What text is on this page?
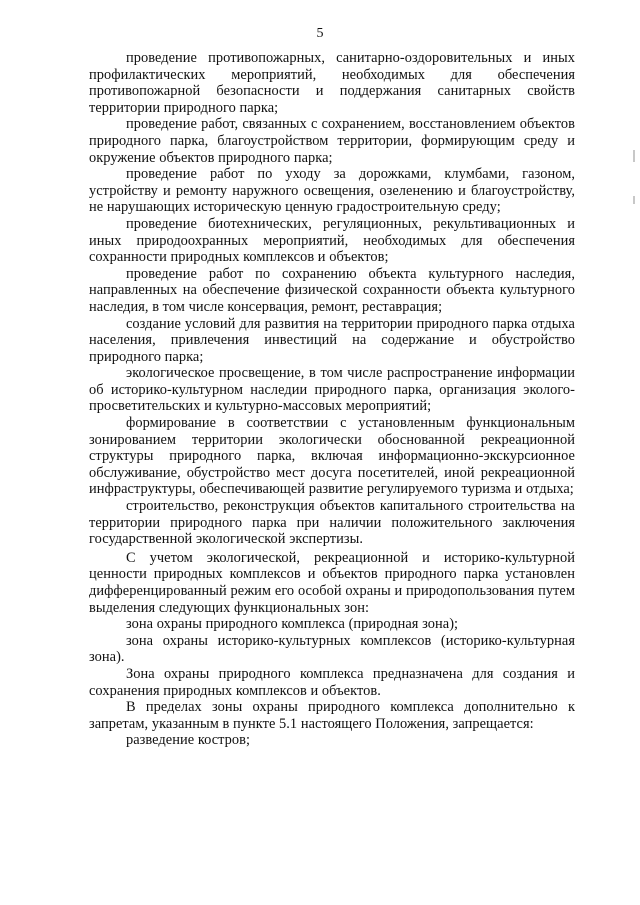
5

проведение противопожарных, санитарно-оздоровительных и иных профилактических мероприятий, необходимых для обеспечения противопожарной безопасности и поддержания санитарных свойств территории природного парка;

проведение работ, связанных с сохранением, восстановлением объектов природного парка, благоустройством территории, формирующим среду и окружение объектов природного парка;

проведение работ по уходу за дорожками, клумбами, газоном, устройству и ремонту наружного освещения, озеленению и благоустройству, не нарушающих историческую ценную градостроительную среду;

проведение биотехнических, регуляционных, рекультивационных и иных природоохранных мероприятий, необходимых для обеспечения сохранности природных комплексов и объектов;

проведение работ по сохранению объекта культурного наследия, направленных на обеспечение физической сохранности объекта культурного наследия, в том числе консервация, ремонт, реставрация;

создание условий для развития на территории природного парка отдыха населения, привлечения инвестиций на содержание и обустройство природного парка;

экологическое просвещение, в том числе распространение информации об историко-культурном наследии природного парка, организация эколого-просветительских и культурно-массовых мероприятий;

формирование в соответствии с установленным функциональным зонированием территории экологически обоснованной рекреационной структуры природного парка, включая информационно-экскурсионное обслуживание, обустройство мест досуга посетителей, иной рекреационной инфраструктуры, обеспечивающей развитие регулируемого туризма и отдыха;

строительство, реконструкция объектов капитального строительства на территории природного парка при наличии положительного заключения государственной экологической экспертизы.

С учетом экологической, рекреационной и историко-культурной ценности природных комплексов и объектов природного парка установлен дифференцированный режим его особой охраны и природопользования путем выделения следующих функциональных зон:

зона охраны природного комплекса (природная зона);

зона охраны историко-культурных комплексов (историко-культурная зона).

Зона охраны природного комплекса предназначена для создания и сохранения природных комплексов и объектов.

В пределах зоны охраны природного комплекса дополнительно к запретам, указанным в пункте 5.1 настоящего Положения, запрещается:

разведение костров;
